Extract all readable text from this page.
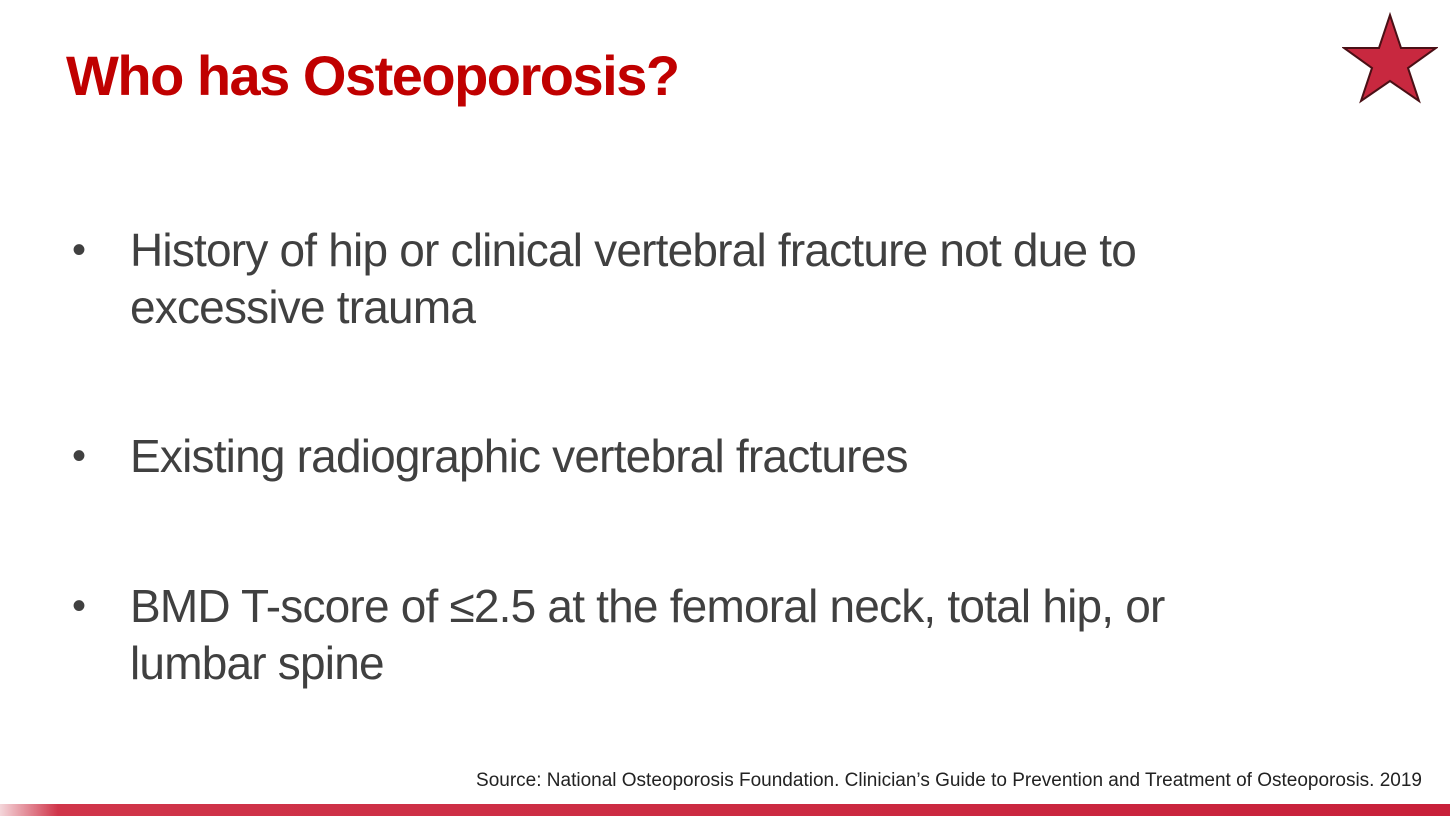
Who has Osteoporosis?
• History of hip or clinical vertebral fracture not due to excessive trauma
• Existing radiographic vertebral fractures
• BMD T-score of ≤2.5 at the femoral neck, total hip, or lumbar spine
Source: National Osteoporosis Foundation. Clinician’s Guide to Prevention and Treatment of Osteoporosis. 2019
